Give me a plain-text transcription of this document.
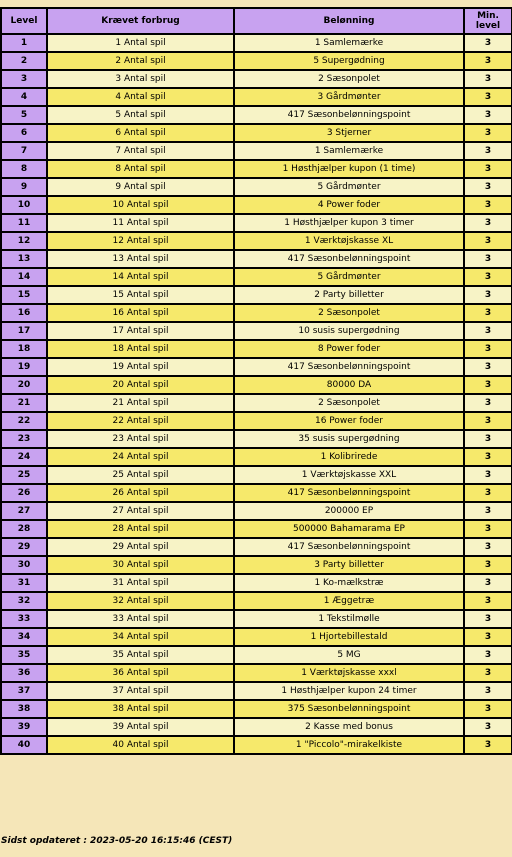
Level	Krævet forbrug	Belønning	Min.
level
1	1 Antal spil	1 Samlemærke	3
2	2 Antal spil	5 Supergødning	3
3	3 Antal spil	2 Sæsonpolet	3
4	4 Antal spil	3 Gårdmønter	3
5	5 Antal spil	417 Sæsonbelønningspoint	3
6	6 Antal spil	3 Stjerner	3
7	7 Antal spil	1 Samlemærke	3
8	8 Antal spil	1 Høsthjælper kupon (1 time)	3
9	9 Antal spil	5 Gårdmønter	3
10	10 Antal spil	4 Power foder	3
11	11 Antal spil	1 Høsthjælper kupon 3 timer	3
12	12 Antal spil	1 Værktøjskasse XL	3
13	13 Antal spil	417 Sæsonbelønningspoint	3
14	14 Antal spil	5 Gårdmønter	3
15	15 Antal spil	2 Party billetter	3
16	16 Antal spil	2 Sæsonpolet	3
17	17 Antal spil	10 susis supergødning	3
18	18 Antal spil	8 Power foder	3
19	19 Antal spil	417 Sæsonbelønningspoint	3
20	20 Antal spil	80000 DA	3
21	21 Antal spil	2 Sæsonpolet	3
22	22 Antal spil	16 Power foder	3
23	23 Antal spil	35 susis supergødning	3
24	24 Antal spil	1 Kolibriredе	3
25	25 Antal spil	1 Værktøjskasse XXL	3
26	26 Antal spil	417 Sæsonbelønningspoint	3
27	27 Antal spil	200000 EP	3
28	28 Antal spil	500000 Bahamarama EP	3
29	29 Antal spil	417 Sæsonbelønningspoint	3
30	30 Antal spil	3 Party billetter	3
31	31 Antal spil	1 Ko-mælkstræ	3
32	32 Antal spil	1 Æggetræ	3
33	33 Antal spil	1 Tekstilmølle	3
34	34 Antal spil	1 Hjortebillestald	3
35	35 Antal spil	5 MG	3
36	36 Antal spil	1 Værktøjskasse xxxl	3
37	37 Antal spil	1 Høsthjælper kupon 24 timer	3
38	38 Antal spil	375 Sæsonbelønningspoint	3
39	39 Antal spil	2 Kasse med bonus	3
40	40 Antal spil	1 "Piccolo"-mirakelkiste	3
Sidst opdateret : 2023-05-20 16:15:46 (CEST)
